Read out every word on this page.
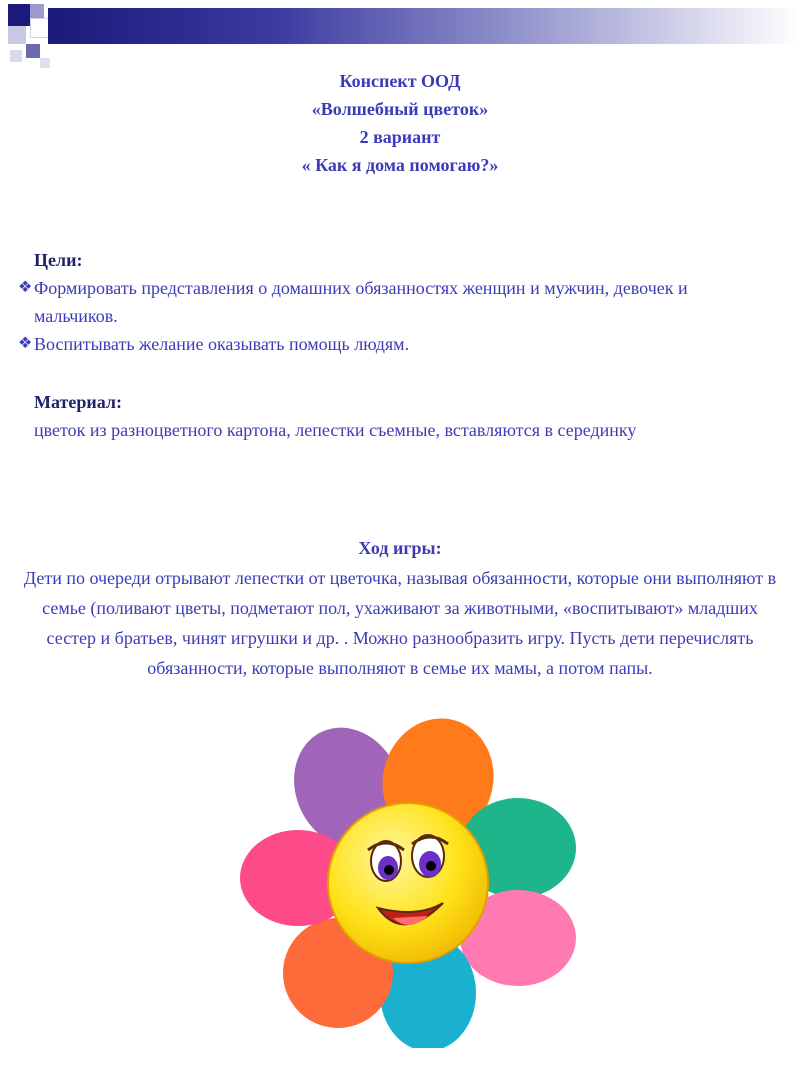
Конспект ООД
«Волшебный цветок»
2 вариант
« Как я дома помогаю?»
Цели:
❖ Формировать представления о домашних обязанностях женщин и мужчин, девочек и мальчиков.
❖ Воспитывать желание оказывать помощь людям.
Материал:
цветок из разноцветного картона, лепестки съемные, вставляются в серединку
Ход игры:
Дети по очереди отрывают лепестки от цветочка, называя обязанности, которые они выполняют в семье (поливают цветы, подметают пол, ухаживают за животными, «воспитывают» младших сестер и братьев, чинят игрушки и др. . Можно разнообразить игру. Пусть дети перечислять обязанности, которые выполняют в семье их мамы, а потом папы.
